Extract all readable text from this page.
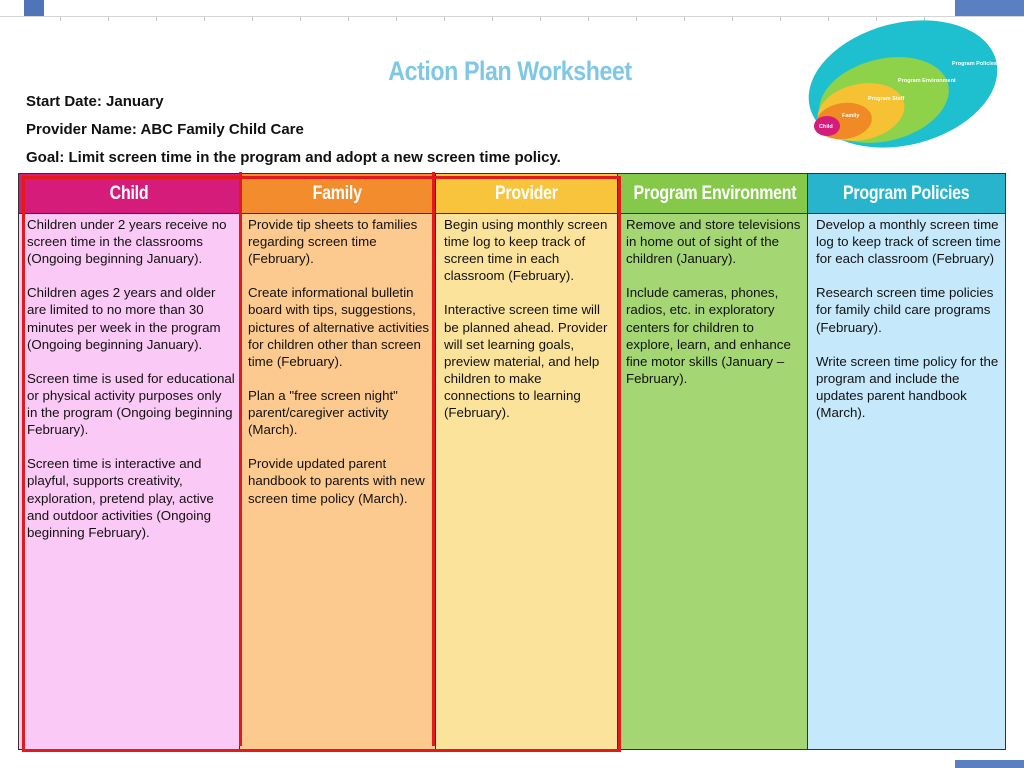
Action Plan Worksheet
Start Date: January
Provider Name: ABC Family Child Care
Goal: Limit screen time in the program and adopt a new screen time policy.
Program Policies
Program Environment
Program Staff
Family
Child
Child

Children under 2 years receive no screen time in the classrooms (Ongoing beginning January).

Children ages 2 years and older are limited to no more than 30 minutes per week in the program (Ongoing beginning January).

Screen time is used for educational or physical activity purposes only in the program (Ongoing beginning February).

Screen time is interactive and playful, supports creativity, exploration, pretend play, active and outdoor activities (Ongoing beginning February).

Family

Provide tip sheets to families regarding screen time (February).

Create informational bulletin board with tips, suggestions, pictures of alternative activities for children other than screen time (February).

Plan a "free screen night" parent/caregiver activity (March).

Provide updated parent handbook to parents with new screen time policy (March).

Provider

Begin using monthly screen time log to keep track of screen time in each classroom (February).

Interactive screen time will be planned ahead. Provider will set learning goals, preview material, and help children to make connections to learning (February).

Program Environment

Remove and store televisions in home out of sight of the children (January).

Include cameras, phones, radios, etc. in exploratory centers for children to explore, learn, and enhance fine motor skills (January – February).

Program Policies

Develop a monthly screen time log to keep track of screen time for each classroom (February)

Research screen time policies for family child care programs (February).

Write screen time policy for the program and include the updates parent handbook (March).
